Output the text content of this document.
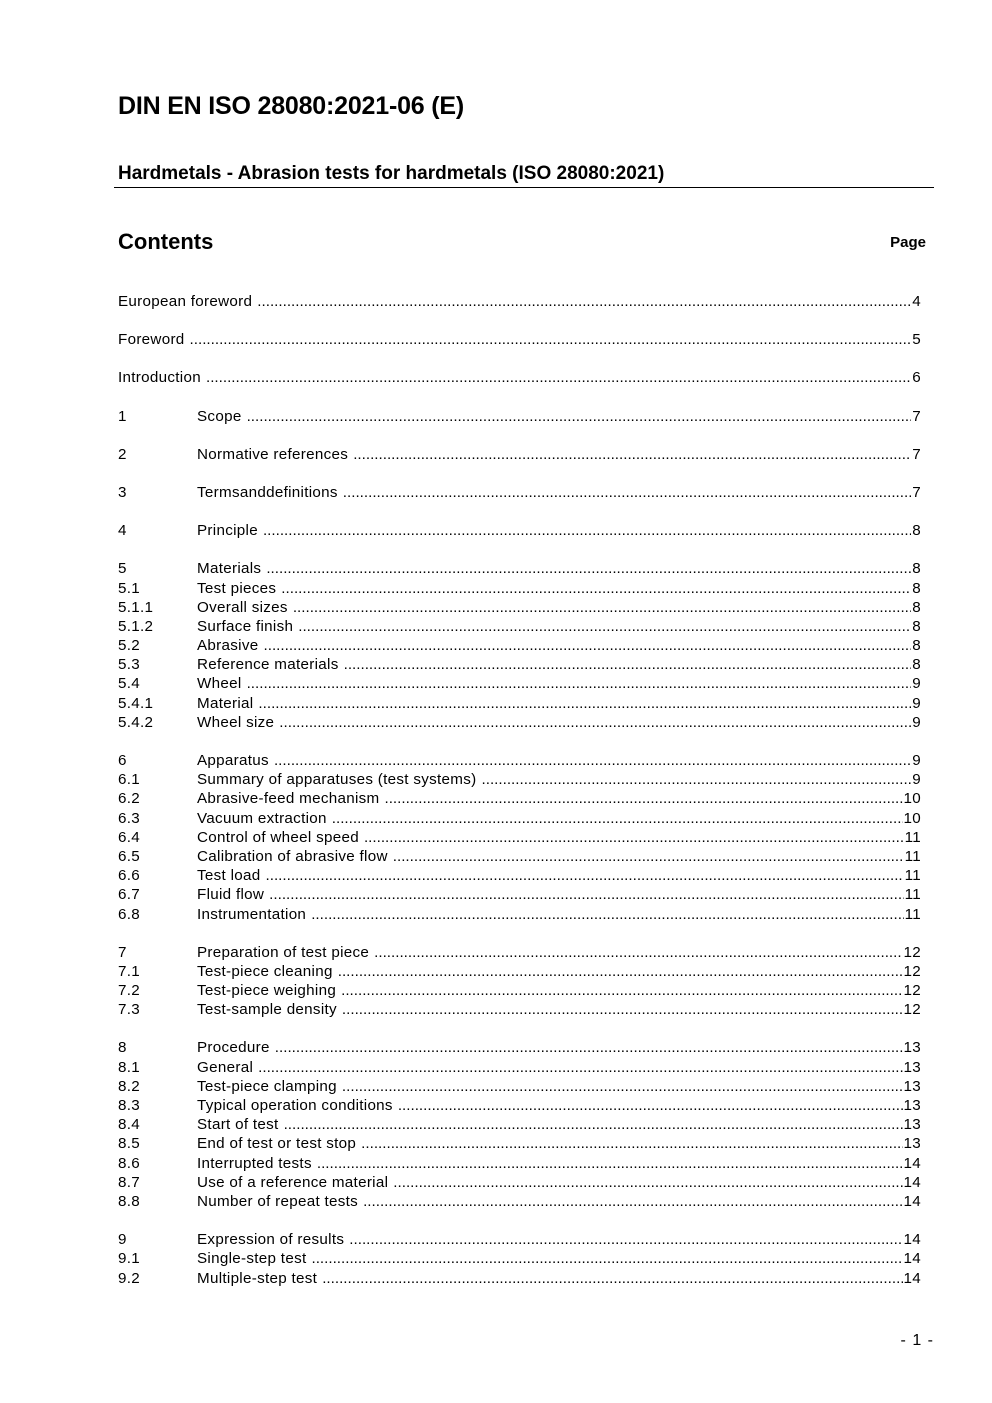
DIN EN ISO 28080:2021-06 (E)
Hardmetals - Abrasion tests for hardmetals (ISO 28080:2021)
Contents	Page
European foreword .....	4
Foreword .....	5
Introduction .....	6
1	Scope .....	7
2	Normative references .....	7
3	Termsanddefinitions .....	7
4	Principle .....	8
5	Materials .....	8
5.1	Test pieces .....	8
5.1.1	Overall sizes .....	8
5.1.2	Surface finish .....	8
5.2	Abrasive .....	8
5.3	Reference materials .....	8
5.4	Wheel .....	9
5.4.1	Material .....	9
5.4.2	Wheel size .....	9
6	Apparatus .....	9
6.1	Summary of apparatuses (test systems) .....	9
6.2	Abrasive-feed mechanism .....	10
6.3	Vacuum extraction .....	10
6.4	Control of wheel speed .....	11
6.5	Calibration of abrasive flow .....	11
6.6	Test load .....	11
6.7	Fluid flow .....	11
6.8	Instrumentation .....	11
7	Preparation of test piece .....	12
7.1	Test-piece cleaning .....	12
7.2	Test-piece weighing .....	12
7.3	Test-sample density .....	12
8	Procedure .....	13
8.1	General .....	13
8.2	Test-piece clamping .....	13
8.3	Typical operation conditions .....	13
8.4	Start of test .....	13
8.5	End of test or test stop .....	13
8.6	Interrupted tests .....	14
8.7	Use of a reference material .....	14
8.8	Number of repeat tests .....	14
9	Expression of results .....	14
9.1	Single-step test .....	14
9.2	Multiple-step test .....	14
- 1 -
